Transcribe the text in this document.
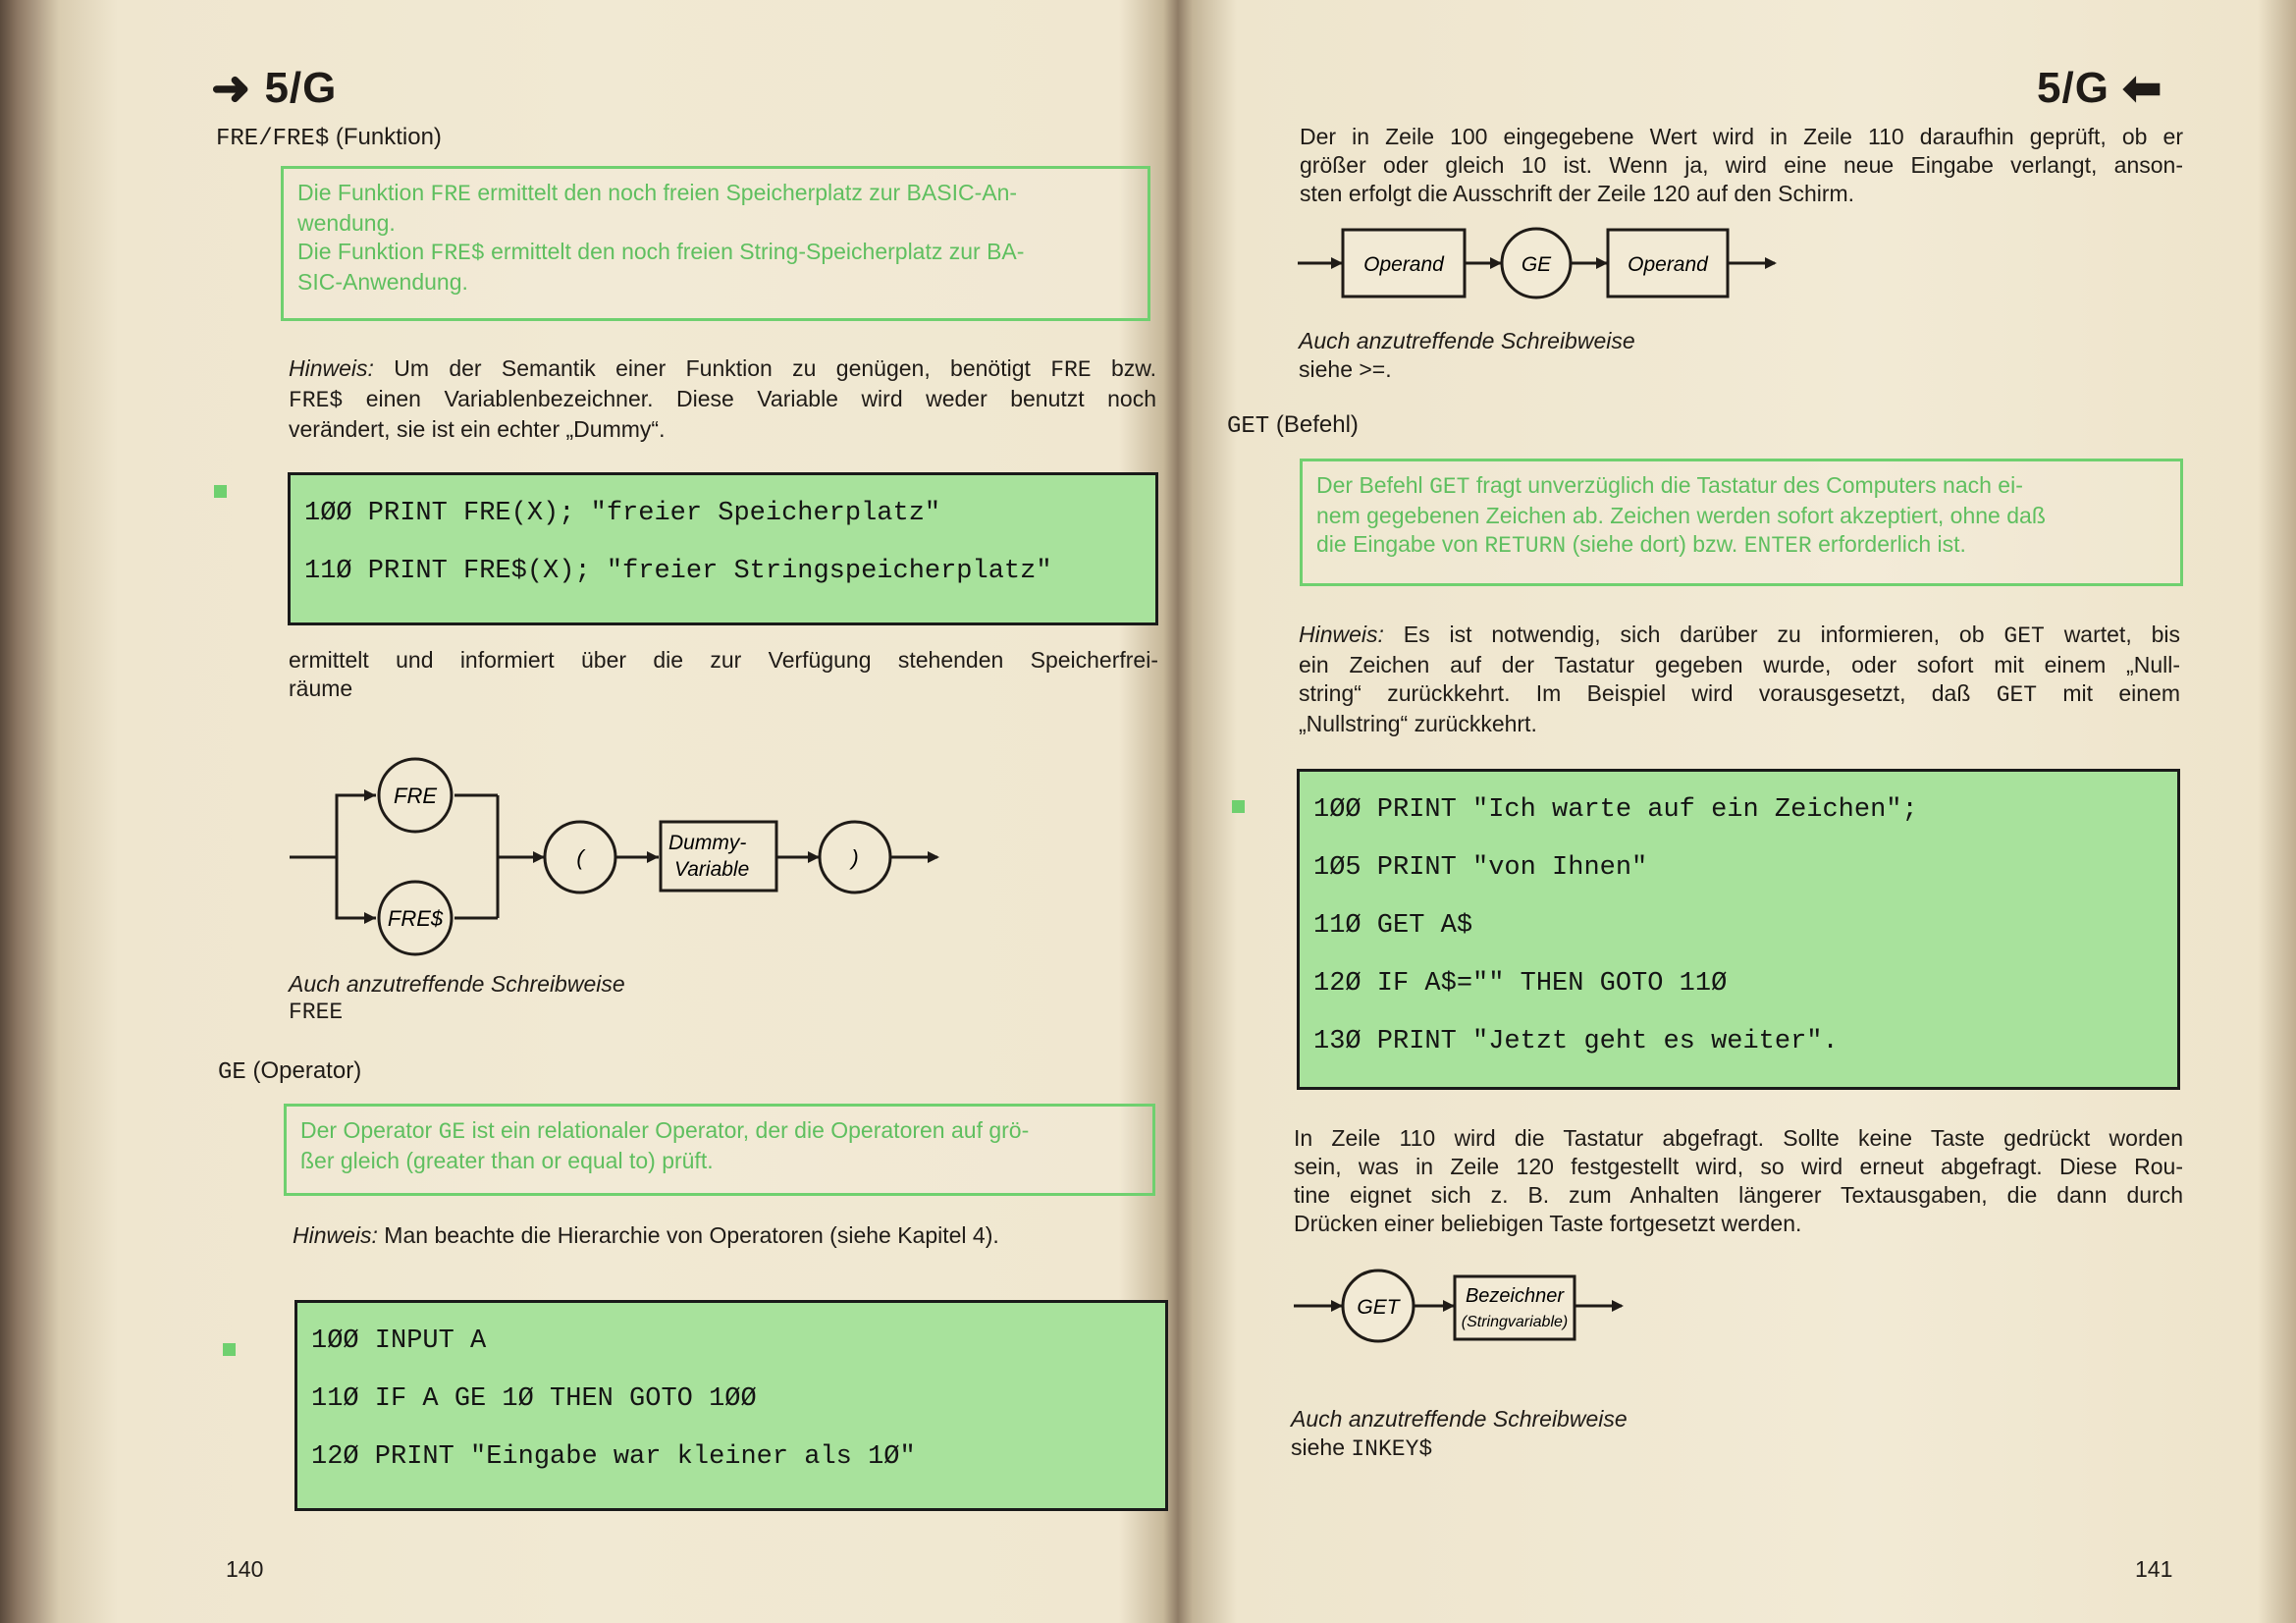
➜ 5/G
FRE/FRE$ (Funktion)
Die Funktion FRE ermittelt den noch freien Speicherplatz zur BASIC-An-
wendung.
Die Funktion FRE$ ermittelt den noch freien String-Speicherplatz zur BA-
SIC-Anwendung.
Hinweis: Um der Semantik einer Funktion zu genügen, benötigt FRE bzw.
FRE$ einen Variablenbezeichner. Diese Variable wird weder benutzt noch
verändert, sie ist ein echter „Dummy“.
1ØØ PRINT FRE(X); "freier Speicherplatz"
11Ø PRINT FRE$(X); "freier Stringspeicherplatz"
ermittelt und informiert über die zur Verfügung stehenden Speicherfrei-
räume
FRE
FRE$
(
Dummy-
Variable	)
Auch anzutreffende Schreibweise
FREE
GE (Operator)
Der Operator GE ist ein relationaler Operator, der die Operatoren auf grö-
ßer gleich (greater than or equal to) prüft.
Hinweis: Man beachte die Hierarchie von Operatoren (siehe Kapitel 4).
1ØØ INPUT A
11Ø IF A GE 1Ø THEN GOTO 1ØØ
12Ø PRINT "Eingabe war kleiner als 1Ø"
140
5/G ⬅
Der in Zeile 100 eingegebene Wert wird in Zeile 110 daraufhin geprüft, ob er
größer oder gleich 10 ist. Wenn ja, wird eine neue Eingabe verlangt, anson-
sten erfolgt die Ausschrift der Zeile 120 auf den Schirm.
Operand	GE	Operand
Auch anzutreffende Schreibweise
siehe >=.
GET (Befehl)
Der Befehl GET fragt unverzüglich die Tastatur des Computers nach ei-
nem gegebenen Zeichen ab. Zeichen werden sofort akzeptiert, ohne daß
die Eingabe von RETURN (siehe dort) bzw. ENTER erforderlich ist.
Hinweis: Es ist notwendig, sich darüber zu informieren, ob GET wartet, bis
ein Zeichen auf der Tastatur gegeben wurde, oder sofort mit einem „Null-
string“ zurückkehrt. Im Beispiel wird vorausgesetzt, daß GET mit einem
„Nullstring“ zurückkehrt.
1ØØ PRINT "Ich warte auf ein Zeichen";
1Ø5 PRINT "von Ihnen"
11Ø GET A$
12Ø IF A$="" THEN GOTO 11Ø
13Ø PRINT "Jetzt geht es weiter".
In Zeile 110 wird die Tastatur abgefragt. Sollte keine Taste gedrückt worden
sein, was in Zeile 120 festgestellt wird, so wird erneut abgefragt. Diese Rou-
tine eignet sich z. B. zum Anhalten längerer Textausgaben, die dann durch
Drücken einer beliebigen Taste fortgesetzt werden.
GET	Bezeichner
(Stringvariable)
Auch anzutreffende Schreibweise
siehe INKEY$
141
